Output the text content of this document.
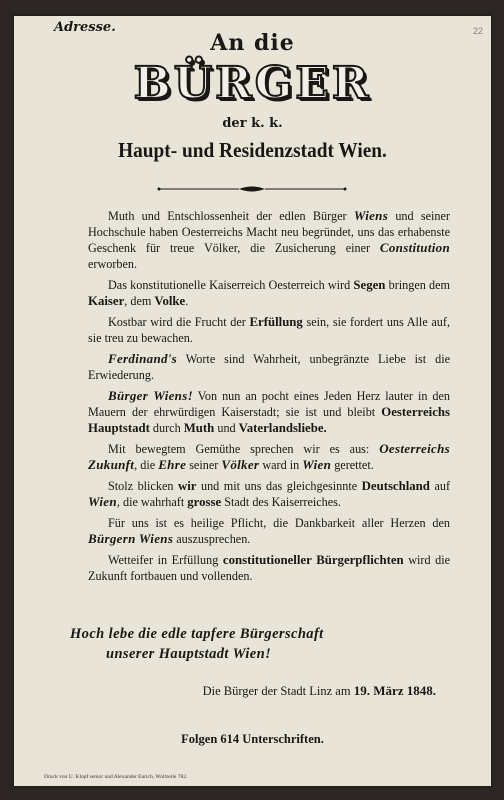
22
Adresse.
An die
BÜRGER
der k. k.
Haupt- und Residenzstadt Wien.

Muth und Entschlossenheit der edlen Bürger Wiens und seiner Hochschule haben Oesterreichs Macht neu begründet, uns das erhabenste Geschenk für treue Völker, die Zusicherung einer Constitution erworben.

Das konstitutionelle Kaiserreich Oesterreich wird Segen bringen dem Kaiser, dem Volke.

Kostbar wird die Frucht der Erfüllung sein, sie fordert uns Alle auf, sie treu zu bewachen.

Ferdinand's Worte sind Wahrheit, unbegränzte Liebe ist die Erwiederung.

Bürger Wiens! Von nun an pocht eines Jeden Herz lauter in den Mauern der ehrwürdigen Kaiserstadt; sie ist und bleibt Oesterreichs Hauptstadt durch Muth und Vaterlandsliebe.

Mit bewegtem Gemüthe sprechen wir es aus: Oesterreichs Zukunft, die Ehre seiner Völker ward in Wien gerettet.

Stolz blicken wir und mit uns das gleichgesinnte Deutschland auf Wien, die wahrhaft grosse Stadt des Kaiserreiches.

Für uns ist es heilige Pflicht, die Dankbarkeit aller Herzen den Bürgern Wiens auszusprechen.

Wetteifer in Erfüllung constitutioneller Bürgerpflichten wird die Zukunft fortbauen und vollenden.

Hoch lebe die edle tapfere Bürgerschaft
unserer Hauptstadt Wien!
Die Bürger der Stadt Linz am 19. März 1848.
Folgen 614 Unterschriften.
Druck von U. Klopf senior und Alexander Eurich, Wollzeile 782.
